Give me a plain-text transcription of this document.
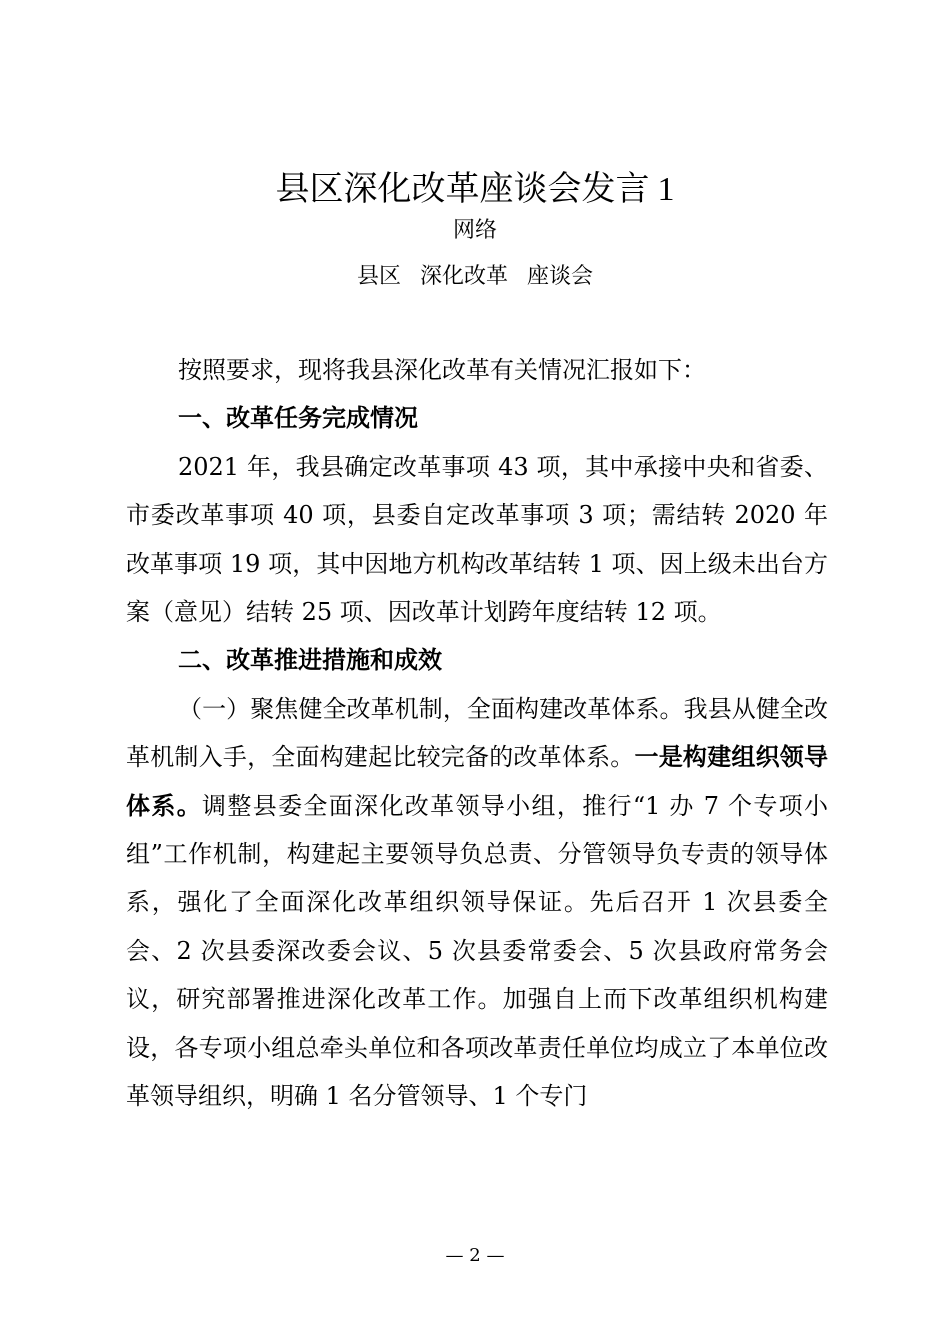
县区深化改革座谈会发言 1
网络
县区 深化改革 座谈会

按照要求，现将我县深化改革有关情况汇报如下：

一、改革任务完成情况

2021 年，我县确定改革事项 43 项，其中承接中央和省委、市委改革事项 40 项，县委自定改革事项 3 项；需结转 2020 年改革事项 19 项，其中因地方机构改革结转 1 项、因上级未出台方案（意见）结转 25 项、因改革计划跨年度结转 12 项。

二、改革推进措施和成效

（一）聚焦健全改革机制，全面构建改革体系。我县从健全改革机制入手，全面构建起比较完备的改革体系。一是构建组织领导体系。调整县委全面深化改革领导小组，推行“1 办 7 个专项小组”工作机制，构建起主要领导负总责、分管领导负专责的领导体系，强化了全面深化改革组织领导保证。先后召开 1 次县委全会、2 次县委深改委会议、5 次县委常委会、5 次县政府常务会议，研究部署推进深化改革工作。加强自上而下改革组织机构建设，各专项小组总牵头单位和各项改革责任单位均成立了本单位改革领导组织，明确 1 名分管领导、1 个专门

— 2 —
